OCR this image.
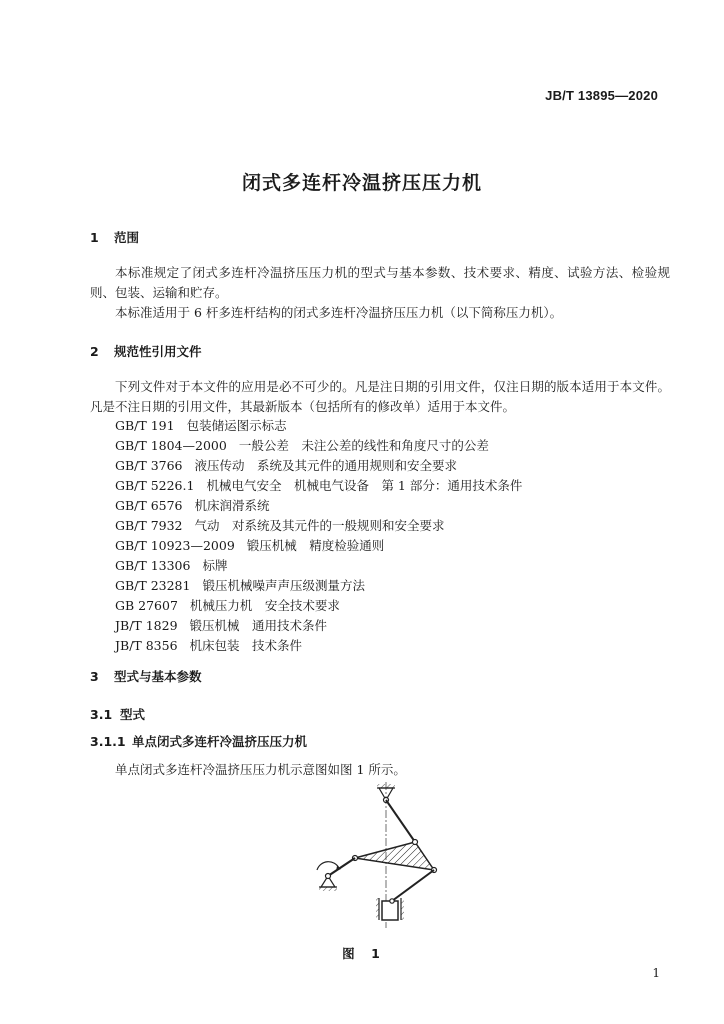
JB/T 13895—2020
闭式多连杆冷温挤压压力机
1 范围
本标准规定了闭式多连杆冷温挤压压力机的型式与基本参数、技术要求、精度、试验方法、检验规则、包装、运输和贮存。
本标准适用于 6 杆多连杆结构的闭式多连杆冷温挤压压力机（以下简称压力机）。
2 规范性引用文件
下列文件对于本文件的应用是必不可少的。凡是注日期的引用文件，仅注日期的版本适用于本文件。凡是不注日期的引用文件，其最新版本（包括所有的修改单）适用于本文件。
GB/T 191 包装储运图示标志
GB/T 1804—2000 一般公差　未注公差的线性和角度尺寸的公差
GB/T 3766 液压传动　系统及其元件的通用规则和安全要求
GB/T 5226.1 机械电气安全　机械电气设备　第 1 部分：通用技术条件
GB/T 6576 机床润滑系统
GB/T 7932 气动　对系统及其元件的一般规则和安全要求
GB/T 10923—2009 锻压机械　精度检验通则
GB/T 13306 标牌
GB/T 23281 锻压机械噪声声压级测量方法
GB 27607 机械压力机　安全技术要求
JB/T 1829 锻压机械　通用技术条件
JB/T 8356 机床包装　技术条件
3 型式与基本参数
3.1 型式
3.1.1 单点闭式多连杆冷温挤压压力机
单点闭式多连杆冷温挤压压力机示意图如图 1 所示。
图　1
1
